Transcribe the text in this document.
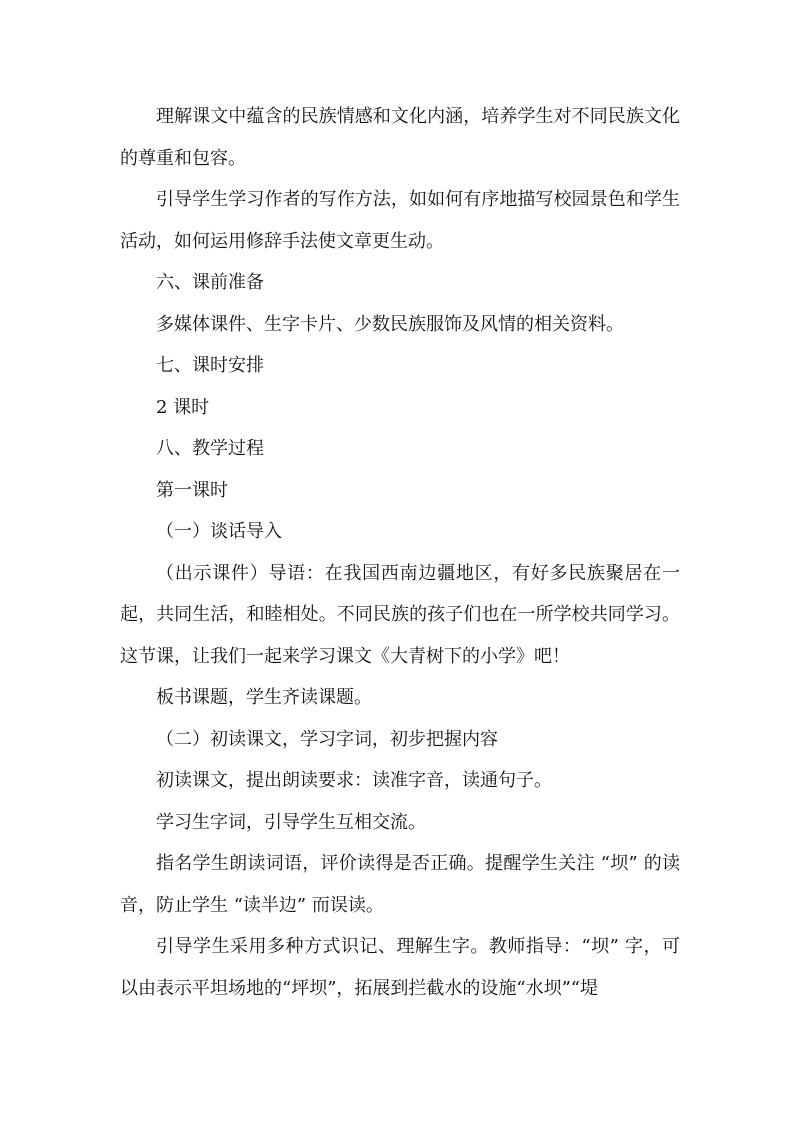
理解课文中蕴含的民族情感和文化内涵，培养学生对不同民族文化的尊重和包容。

引导学生学习作者的写作方法，如如何有序地描写校园景色和学生活动，如何运用修辞手法使文章更生动。

六、课前准备

多媒体课件、生字卡片、少数民族服饰及风情的相关资料。

七、课时安排

2 课时

八、教学过程

第一课时

（一）谈话导入

（出示课件）导语：在我国西南边疆地区，有好多民族聚居在一起，共同生活，和睦相处。不同民族的孩子们也在一所学校共同学习。这节课，让我们一起来学习课文《大青树下的小学》吧！

板书课题，学生齐读课题。

（二）初读课文，学习字词，初步把握内容

初读课文，提出朗读要求：读准字音，读通句子。

学习生字词，引导学生互相交流。

指名学生朗读词语，评价读得是否正确。提醒学生关注 “坝” 的读音，防止学生 “读半边” 而误读。

引导学生采用多种方式识记、理解生字。教师指导：“坝” 字，可以由表示平坦场地的“坪坝”，拓展到拦截水的设施“水坝”“堤
